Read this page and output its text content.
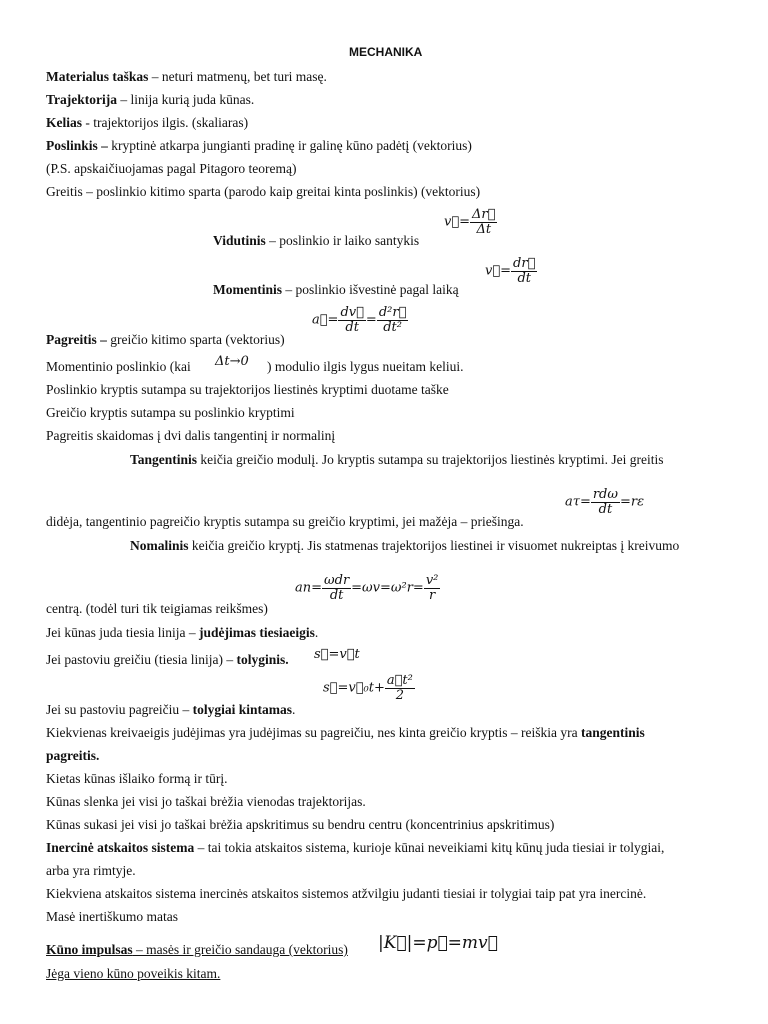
MECHANIKA
Materialus taškas – neturi matmenų, bet turi masę.
Trajektorija – linija kurią juda kūnas.
Kelias - trajektorijos ilgis. (skaliaras)
Poslinkis – kryptinė atkarpa jungianti pradinę ir galinę kūno padėtį (vektorius)
(P.S. apskaičiuojamas pagal Pitagoro teoremą)
Greitis – poslinkio kitimo sparta (parodo kaip greitai kinta poslinkis) (vektorius)
Vidutinis – poslinkio ir laiko santykis
v⃗= $\frac{\Delta r⃗}{\Delta t}$
Momentinis – poslinkio išvestinė pagal laiką
v⃗= $\frac{dr⃗}{dt}$
a⃗= $\frac{dv⃗}{dt} = \frac{\text{d²r⃗}}{\text{dt²}}$
Pagreitis – greičio kitimo sparta (vektorius)
Momentinio poslinkio (kai Δt→0 ) modulio ilgis lygus nueitam keliui.
Poslinkio kryptis sutampa su trajektorijos liestinės kryptimi duotame taške
Greičio kryptis sutampa su poslinkio kryptimi
Pagreitis skaidomas į dvi dalis tangentinį ir normalinį
Tangentinis keičia greičio modulį. Jo kryptis sutampa su trajektorijos liestinės kryptimi. Jei greitis
$a\tau= \frac{\text{rdω}}{dt} =r\varepsilon$
didėja, tangentinio pagreičio kryptis sutampa su greičio kryptimi, jei mažėja – priešinga.
Nomalinis keičia greičio kryptį. Jis statmenas trajektorijos liestinei ir visuomet nukreiptas į kreivumo
$an= \frac{\text{ωdr}}{dt} =\omega v=\omega^2r= \frac{\text{v²}}{r}$
centrą. (todėl turi tik teigiamas reikšmes)
Jei kūnas juda tiesia linija – judėjimas tiesiaeigis.
Jei pastoviu greičiu (tiesia linija) – tolyginis. s⃗=v⃗t
s⃗=v⃗₀t+ $\frac{\text{a⃗t²}}{2}$
Jei su pastoviu pagreičiu – tolygiai kintamas.
Kiekvienas kreivaeigis judėjimas yra judėjimas su pagreičiu, nes kinta greičio kryptis – reiškia yra tangentinis
pagreitis.
Kietas kūnas išlaiko formą ir tūrį.
Kūnas slenka jei visi jo taškai brėžia vienodas trajektorijas.
Kūnas sukasi jei visi jo taškai brėžia apskritimus su bendru centru (koncentrinius apskritimus)
Inercinė atskaitos sistema – tai tokia atskaitos sistema, kurioje kūnai neveikiami kitų kūnų juda tiesiai ir tolygiai,
arba yra rimtyje.
Kiekviena atskaitos sistema inercinės atskaitos sistemos atžvilgiu judanti tiesiai ir tolygiai taip pat yra inercinė.
Masė inertiškumo matas
Kūno impulsas – masės ir greičio sandauga (vektorius) |K⃗|=p⃗=mv⃗
Jėga vieno kūno poveikis kitam.
